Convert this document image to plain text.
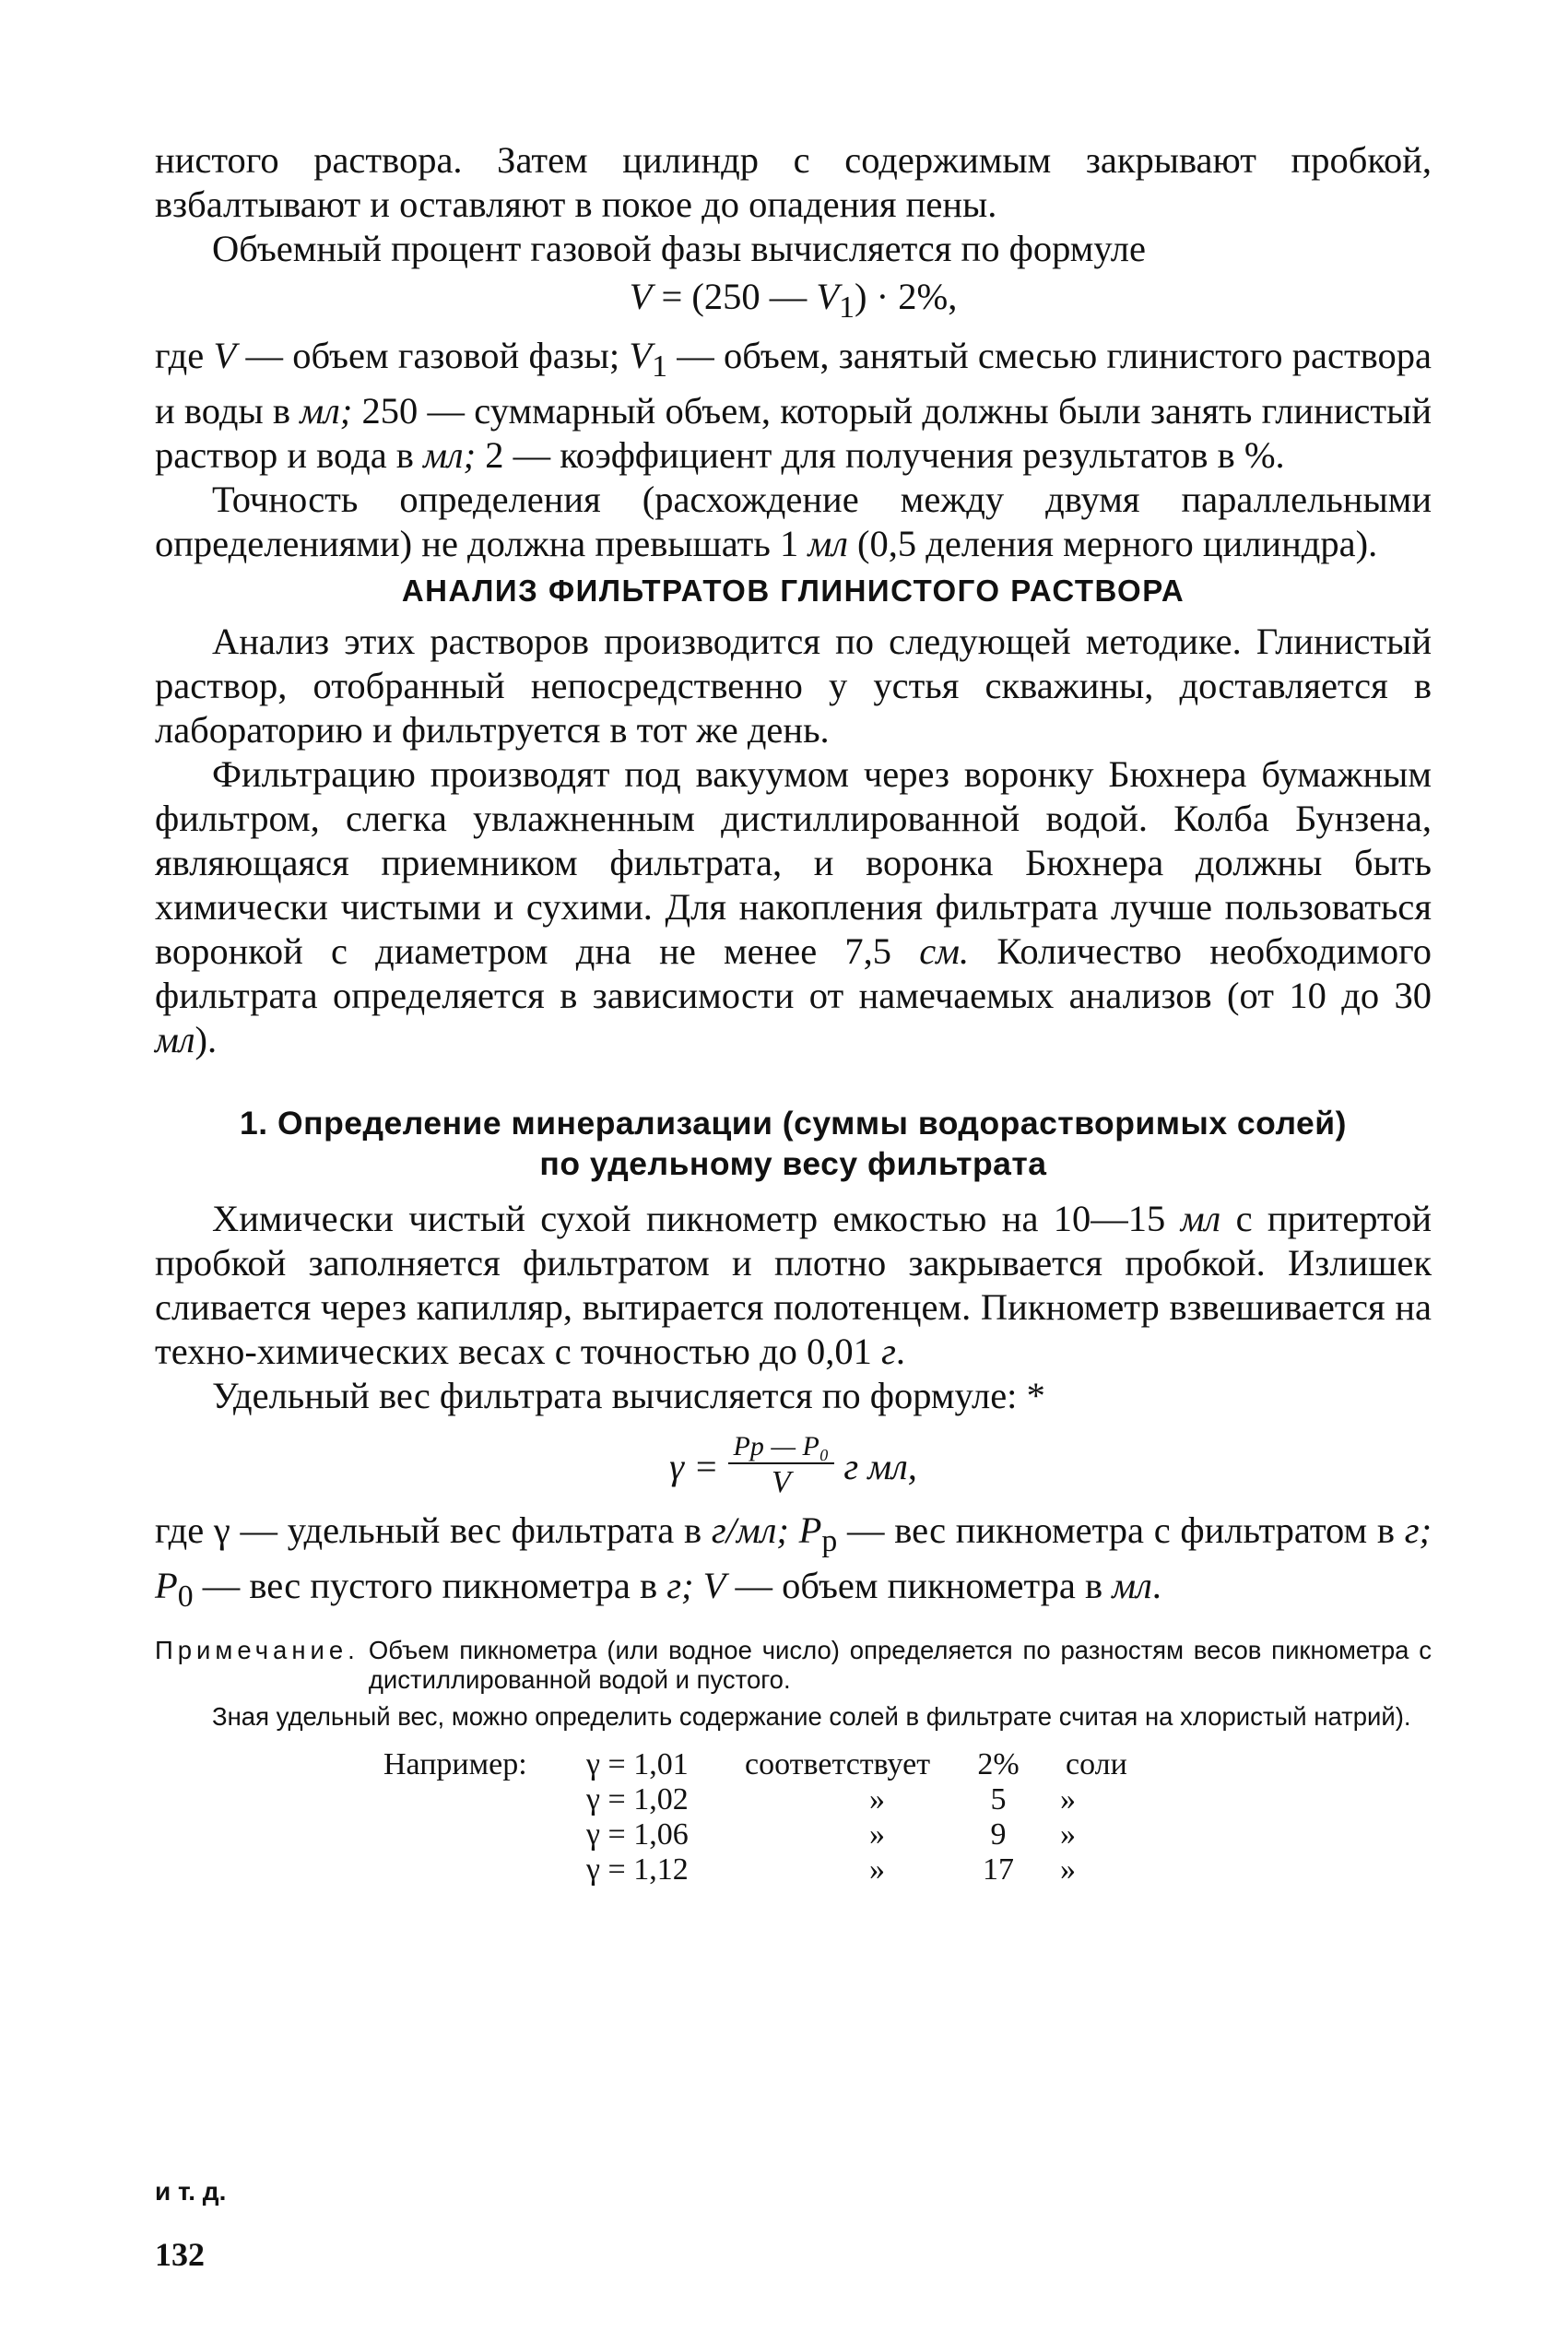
нистого раствора. Затем цилиндр с содержимым закрывают пробкой, взбалтывают и оставляют в покое до опадения пены.

Объемный процент газовой фазы вычисляется по формуле

V = (250 — $V_1) \cdot 2\%$,

где V — объем газовой фазы; $V_1$ — объем, занятый смесью глинистого раствора и воды в мл; 250 — суммарный объем, который должны были занять глинистый раствор и вода в мл; 2 — коэффициент для получения результатов в %.

Точность определения (расхождение между двумя параллельными определениями) не должна превышать 1 мл (0,5 деления мерного цилиндра).

АНАЛИЗ ФИЛЬТРАТОВ ГЛИНИСТОГО РАСТВОРА

Анализ этих растворов производится по следующей методике. Глинистый раствор, отобранный непосредственно у устья скважины, доставляется в лабораторию и фильтруется в тот же день.

Фильтрацию производят под вакуумом через воронку Бюхнера бумажным фильтром, слегка увлажненным дистиллированной водой. Колба Бунзена, являющаяся приемником фильтрата, и воронка Бюхнера должны быть химически чистыми и сухими. Для накопления фильтрата лучше пользоваться воронкой с диаметром дна не менее 7,5 см. Количество необходимого фильтрата определяется в зависимости от намечаемых анализов (от 10 до 30 мл).

1. Определение минерализации (суммы водорастворимых солей)
по удельному весу фильтрата

Химически чистый сухой пикнометр емкостью на 10—15 мл с притертой пробкой заполняется фильтратом и плотно закрывается пробкой. Излишек сливается через капилляр, вытирается полотенцем. Пикнометр взвешивается на техно-химических весах с точностью до 0,01 г.

Удельный вес фильтрата вычисляется по формуле: *

$\gamma = \frac{\text{Pр — P₀}}{V}$ г мл,

где γ — удельный вес фильтрата в г/мл; $P_р$ — вес пикнометра с фильтратом в г; $P_0$ — вес пустого пикнометра в г; V — объем пикнометра в мл.

Примечание. Объем пикнометра (или водное число) определяется по разностям весов пикнометра с дистиллированной водой и пустого.

Зная удельный вес, можно определить содержание солей в фильтрате считая на хлористый натрий).

Например: γ = 1,01 соответствует	2%	соли
γ = 1,02	»	5	»
γ = 1,06	»	9	»
γ = 1,12	»	17	»
и т. д.
132
